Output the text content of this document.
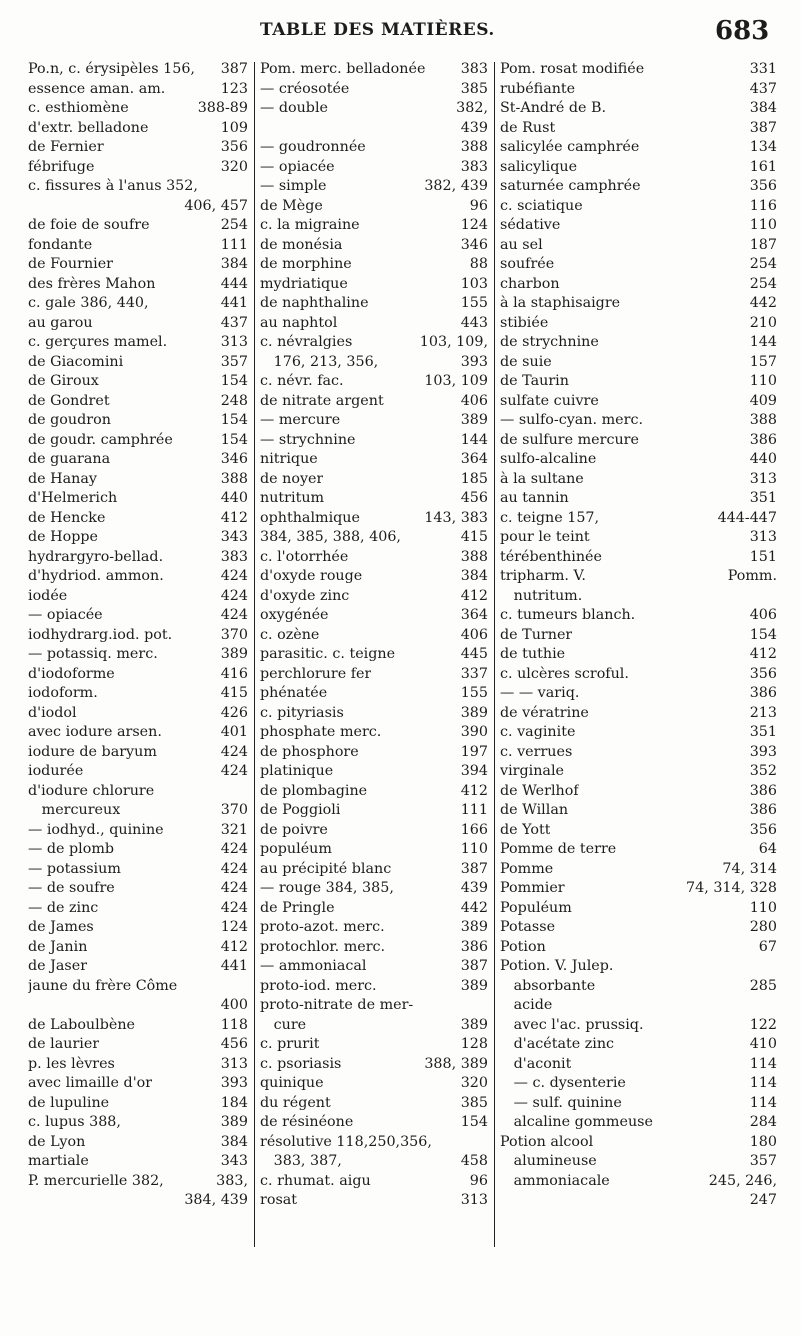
TABLE DES MATIÈRES.	683
Po.n, c. érysipèles 156,	387
essence aman. am.	123
c. esthiomène	388-89
d'extr. belladone	109
de Fernier	356
fébrifuge	320
c. fissures à l'anus 352,
406, 457
de foie de soufre	254
fondante	111
de Fournier	384
des frères Mahon	444
c. gale 386, 440,	441
au garou	437
c. gerçures mamel.	313
de Giacomini	357
de Giroux	154
de Gondret	248
de goudron	154
de goudr. camphrée	154
de guarana	346
de Hanay	388
d'Helmerich	440
de Hencke	412
de Hoppe	343
hydrargyro-bellad.	383
d'hydriod. ammon.	424
iodée	424
— opiacée	424
iodhydrarg.iod. pot.	370
— potassiq. merc.	389
d'iodoforme	416
iodoform.	415
d'iodol	426
avec iodure arsen.	401
iodure de baryum	424
iodurée	424
d'iodure chlorure
mercureux	370
— iodhyd., quinine	321
— de plomb	424
— potassium	424
— de soufre	424
— de zinc	424
de James	124
de Janin	412
de Jaser	441
jaune du frère Côme
400
de Laboulbène	118
de laurier	456
p. les lèvres	313
avec limaille d'or	393
de lupuline	184
c. lupus 388,	389
de Lyon	384
martiale	343
P. mercurielle 382,	383,
384, 439
Pom. merc. belladonée	383
— créosotée	385
— double	382,
439
— goudronnée	388
— opiacée	383
— simple	382, 439
de Mège	96
c. la migraine	124
de monésia	346
de morphine	88
mydriatique	103
de naphthaline	155
au naphtol	443
c. névralgies	103, 109,
176, 213, 356,	393
c. névr. fac.	103, 109
de nitrate argent	406
— mercure	389
— strychnine	144
nitrique	364
de noyer	185
nutritum	456
ophthalmique	143, 383
384, 385, 388, 406,	415
c. l'otorrhée	388
d'oxyde rouge	384
d'oxyde zinc	412
oxygénée	364
c. ozène	406
parasitic. c. teigne	445
perchlorure fer	337
phénatée	155
c. pityriasis	389
phosphate merc.	390
de phosphore	197
platinique	394
de plombagine	412
de Poggioli	111
de poivre	166
populéum	110
au précipité blanc	387
— rouge 384, 385,	439
de Pringle	442
proto-azot. merc.	389
protochlor. merc.	386
— ammoniacal	387
proto-iod. merc.	389
proto-nitrate de mer-
cure	389
c. prurit	128
c. psoriasis	388, 389
quinique	320
du régent	385
de résinéone	154
résolutive 118,250,356,
383, 387,	458
c. rhumat. aigu	96
rosat	313
Pom. rosat modifiée	331
rubéfiante	437
St-André de B.	384
de Rust	387
salicylée camphrée	134
salicylique	161
saturnée camphrée	356
c. sciatique	116
sédative	110
au sel	187
soufrée	254
charbon	254
à la staphisaigre	442
stibiée	210
de strychnine	144
de suie	157
de Taurin	110
sulfate cuivre	409
— sulfo-cyan. merc.	388
de sulfure mercure	386
sulfo-alcaline	440
à la sultane	313
au tannin	351
c. teigne 157,	444-447
pour le teint	313
térébenthinée	151
tripharm. V.	Pomm.
nutritum.
c. tumeurs blanch.	406
de Turner	154
de tuthie	412
c. ulcères scroful.	356
— — variq.	386
de vératrine	213
c. vaginite	351
c. verrues	393
virginale	352
de Werlhof	386
de Willan	386
de Yott	356
Pomme de terre	64
Pomme	74, 314
Pommier	74, 314, 328
Populéum	110
Potasse	280
Potion	67
Potion. V. Julep.
absorbante	285
acide
avec l'ac. prussiq.	122
d'acétate zinc	410
d'aconit	114
— c. dysenterie	114
— sulf. quinine	114
alcaline gommeuse	284
Potion alcool	180
alumineuse	357
ammoniacale	245, 246,
247
